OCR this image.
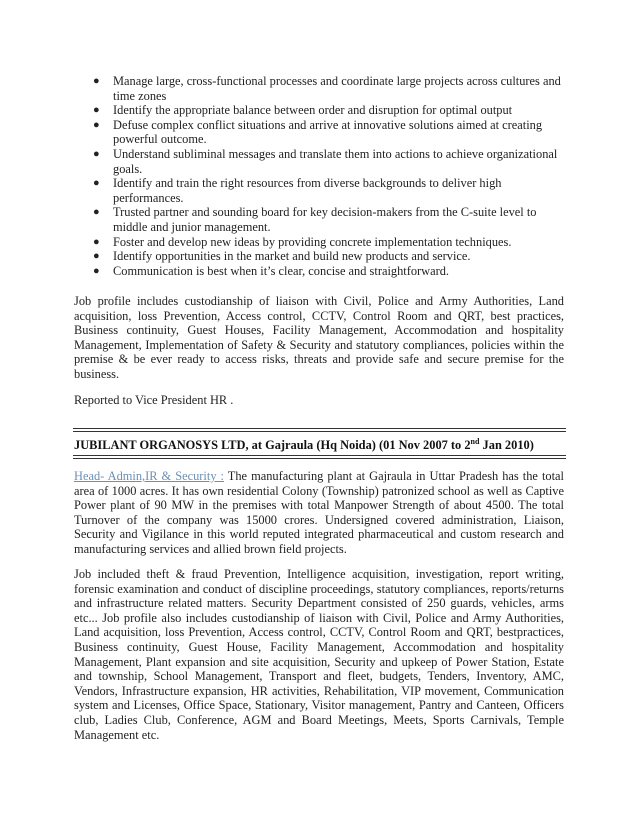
● Manage large, cross-functional processes and coordinate large projects across cultures and time zones
● Identify the appropriate balance between order and disruption for optimal output
● Defuse complex conflict situations and arrive at innovative solutions aimed at creating powerful outcome.
● Understand subliminal messages and translate them into actions to achieve organizational goals.
● Identify and train the right resources from diverse backgrounds to deliver high performances.
● Trusted partner and sounding board for key decision-makers from the C-suite level to middle and junior management.
● Foster and develop new ideas by providing concrete implementation techniques.
● Identify opportunities in the market and build new products and service.
● Communication is best when it’s clear, concise and straightforward.

Job profile includes custodianship of liaison with Civil, Police and Army Authorities, Land acquisition, loss Prevention, Access control, CCTV, Control Room and QRT, best practices, Business continuity, Guest Houses, Facility Management, Accommodation and hospitality Management, Implementation of Safety & Security and statutory compliances, policies within the premise & be ever ready to access risks, threats and provide safe and secure premise for the business.

Reported to Vice President HR .

JUBILANT ORGANOSYS LTD, at Gajraula (Hq Noida) (01 Nov 2007 to 2nd Jan 2010)

Head- Admin,IR & Security : The manufacturing plant at Gajraula in Uttar Pradesh has the total area of 1000 acres. It has own residential Colony (Township) patronized school as well as Captive Power plant of 90 MW in the premises with total Manpower Strength of about 4500. The total Turnover of the company was 15000 crores. Undersigned covered administration, Liaison, Security and Vigilance in this world reputed integrated pharmaceutical and custom research and manufacturing services and allied brown field projects.

Job included theft & fraud Prevention, Intelligence acquisition, investigation, report writing, forensic examination and conduct of discipline proceedings, statutory compliances, reports/returns and infrastructure related matters. Security Department consisted of 250 guards, vehicles, arms etc... Job profile also includes custodianship of liaison with Civil, Police and Army Authorities, Land acquisition, loss Prevention, Access control, CCTV, Control Room and QRT, bestpractices, Business continuity, Guest House, Facility Management, Accommodation and hospitality Management, Plant expansion and site acquisition, Security and upkeep of Power Station, Estate and township, School Management, Transport and fleet, budgets, Tenders, Inventory, AMC, Vendors, Infrastructure expansion, HR activities, Rehabilitation, VIP movement, Communication system and Licenses, Office Space, Stationary, Visitor management, Pantry and Canteen, Officers club, Ladies Club, Conference, AGM and Board Meetings, Meets, Sports Carnivals, Temple Management etc.
